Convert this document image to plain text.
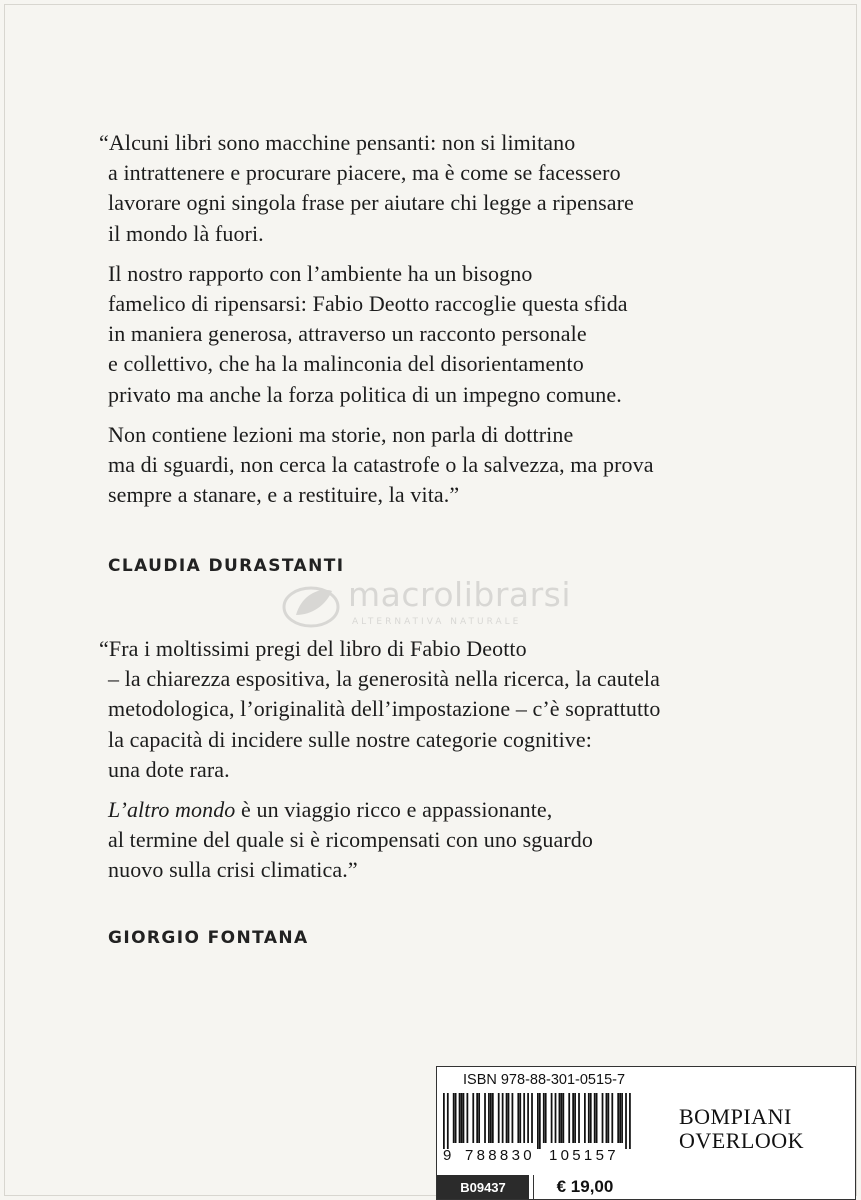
“Alcuni libri sono macchine pensanti: non si limitano
a intrattenere e procurare piacere, ma è come se facessero
lavorare ogni singola frase per aiutare chi legge a ripensare
il mondo là fuori.

Il nostro rapporto con l’ambiente ha un bisogno
famelico di ripensarsi: Fabio Deotto raccoglie questa sfida
in maniera generosa, attraverso un racconto personale
e collettivo, che ha la malinconia del disorientamento
privato ma anche la forza politica di un impegno comune.

Non contiene lezioni ma storie, non parla di dottrine
ma di sguardi, non cerca la catastrofe o la salvezza, ma prova
sempre a stanare, e a restituire, la vita.”

CLAUDIA DURASTANTI
macrolibrarsi
ALTERNATIVA NATURALE

“Fra i moltissimi pregi del libro di Fabio Deotto
– la chiarezza espositiva, la generosità nella ricerca, la cautela
metodologica, l’originalità dell’impostazione – c’è soprattutto
la capacità di incidere sulle nostre categorie cognitive:
una dote rara.

L’altro mondo è un viaggio ricco e appassionante,
al termine del quale si è ricompensati con uno sguardo
nuovo sulla crisi climatica.”

GIORGIO FONTANA
ISBN 978-88-301-0515-7
9 788830 105157
B09437	€ 19,00
BOMPIANI
OVERLOOK
